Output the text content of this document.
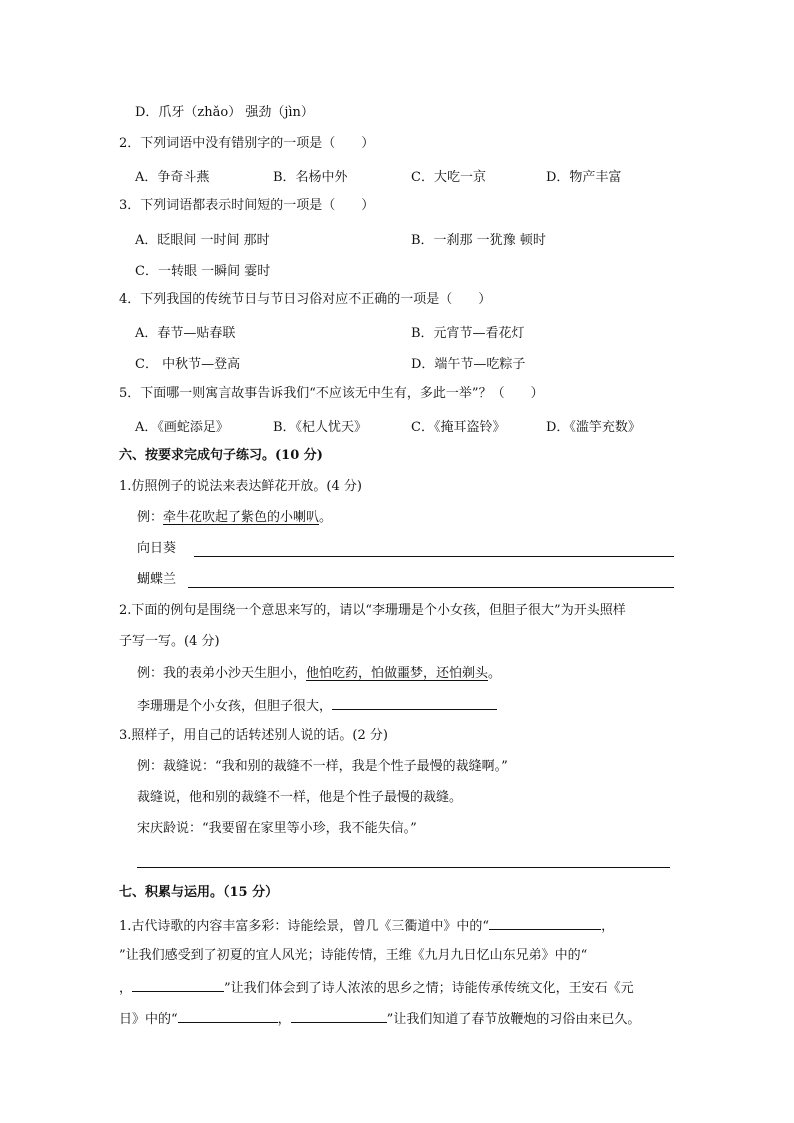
D．爪牙（zhǎo） 强劲（jìn）
2．下列词语中没有错别字的一项是（　　）
A．争奇斗燕	B．名杨中外	C．大吃一京	D．物产丰富
3．下列词语都表示时间短的一项是（　　）
A．眨眼间 一时间 那时	B．一刹那 一犹豫 顿时
C．一转眼 一瞬间 霎时
4．下列我国的传统节日与节日习俗对应不正确的一项是（　　）
A．春节—贴春联	B．元宵节—看花灯
C． 中秋节—登高	D．端午节—吃粽子
5．下面哪一则寓言故事告诉我们“不应该无中生有，多此一举”？（　　）
A．《画蛇添足》	B．《杞人忧天》	C．《掩耳盗铃》	D．《滥竽充数》
六、按要求完成句子练习。(10 分)
1.仿照例子的说法来表达鲜花开放。(4 分)
例：牵牛花吹起了紫色的小喇叭。
向日葵
蝴蝶兰
2.下面的例句是围绕一个意思来写的，请以“李珊珊是个小女孩，但胆子很大”为开头照样
子写一写。(4 分)
例：我的表弟小沙天生胆小，他怕吃药，怕做噩梦，还怕剃头。
李珊珊是个小女孩，但胆子很大，
3.照样子，用自己的话转述别人说的话。(2 分)
例：裁缝说：“我和别的裁缝不一样，我是个性子最慢的裁缝啊。”
裁缝说，他和别的裁缝不一样，他是个性子最慢的裁缝。
宋庆龄说：“我要留在家里等小珍，我不能失信。”
七、积累与运用。（15 分）
1.古代诗歌的内容丰富多彩：诗能绘景，曾几《三衢道中》中的“	，
”让我们感受到了初夏的宜人风光；诗能传情，王维《九月九日忆山东兄弟》中的“
，	”让我们体会到了诗人浓浓的思乡之情；诗能传承传统文化，王安石《元
日》中的“	，	”让我们知道了春节放鞭炮的习俗由来已久。
